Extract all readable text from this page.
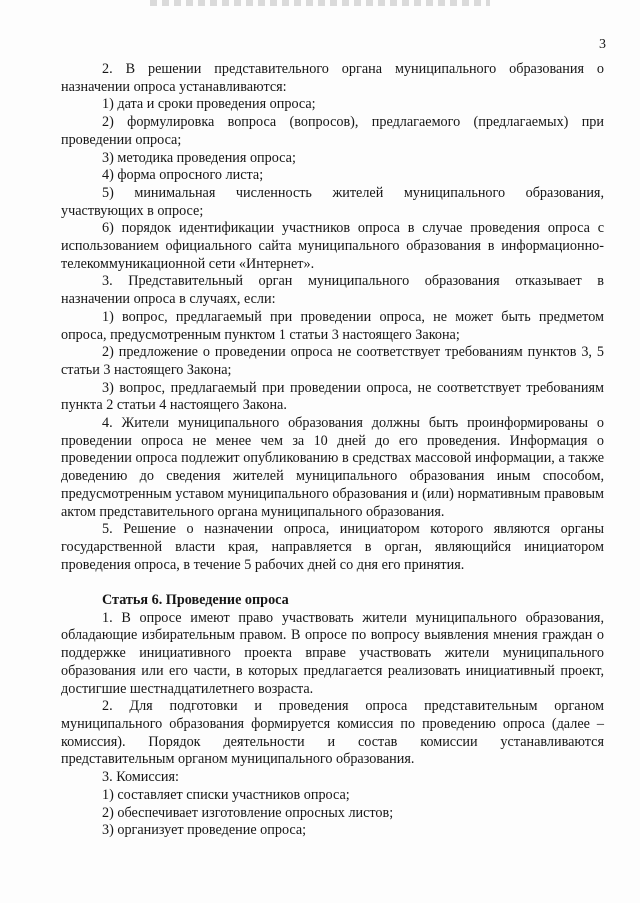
3

2. В решении представительного органа муниципального образования о назначении опроса устанавливаются:

1) дата и сроки проведения опроса;

2) формулировка вопроса (вопросов), предлагаемого (предлагаемых) при проведении опроса;

3) методика проведения опроса;

4) форма опросного листа;

5) минимальная численность жителей муниципального образования, участвующих в опросе;

6) порядок идентификации участников опроса в случае проведения опроса с использованием официального сайта муниципального образования в информационно-телекоммуникационной сети «Интернет».

3. Представительный орган муниципального образования отказывает в назначении опроса в случаях, если:

1) вопрос, предлагаемый при проведении опроса, не может быть предметом опроса, предусмотренным пунктом 1 статьи 3 настоящего Закона;

2) предложение о проведении опроса не соответствует требованиям пунктов 3, 5 статьи 3 настоящего Закона;

3) вопрос, предлагаемый при проведении опроса, не соответствует требованиям пункта 2 статьи 4 настоящего Закона.

4. Жители муниципального образования должны быть проинформированы о проведении опроса не менее чем за 10 дней до его проведения. Информация о проведении опроса подлежит опубликованию в средствах массовой информации, а также доведению до сведения жителей муниципального образования иным способом, предусмотренным уставом муниципального образования и (или) нормативным правовым актом представительного органа муниципального образования.

5. Решение о назначении опроса, инициатором которого являются органы государственной власти края, направляется в орган, являющийся инициатором проведения опроса, в течение 5 рабочих дней со дня его принятия.

Статья 6. Проведение опроса

1. В опросе имеют право участвовать жители муниципального образования, обладающие избирательным правом. В опросе по вопросу выявления мнения граждан о поддержке инициативного проекта вправе участвовать жители муниципального образования или его части, в которых предлагается реализовать инициативный проект, достигшие шестнадцатилетнего возраста.

2. Для подготовки и проведения опроса представительным органом муниципального образования формируется комиссия по проведению опроса (далее – комиссия). Порядок деятельности и состав комиссии устанавливаются представительным органом муниципального образования.

3. Комиссия:

1) составляет списки участников опроса;

2) обеспечивает изготовление опросных листов;

3) организует проведение опроса;
